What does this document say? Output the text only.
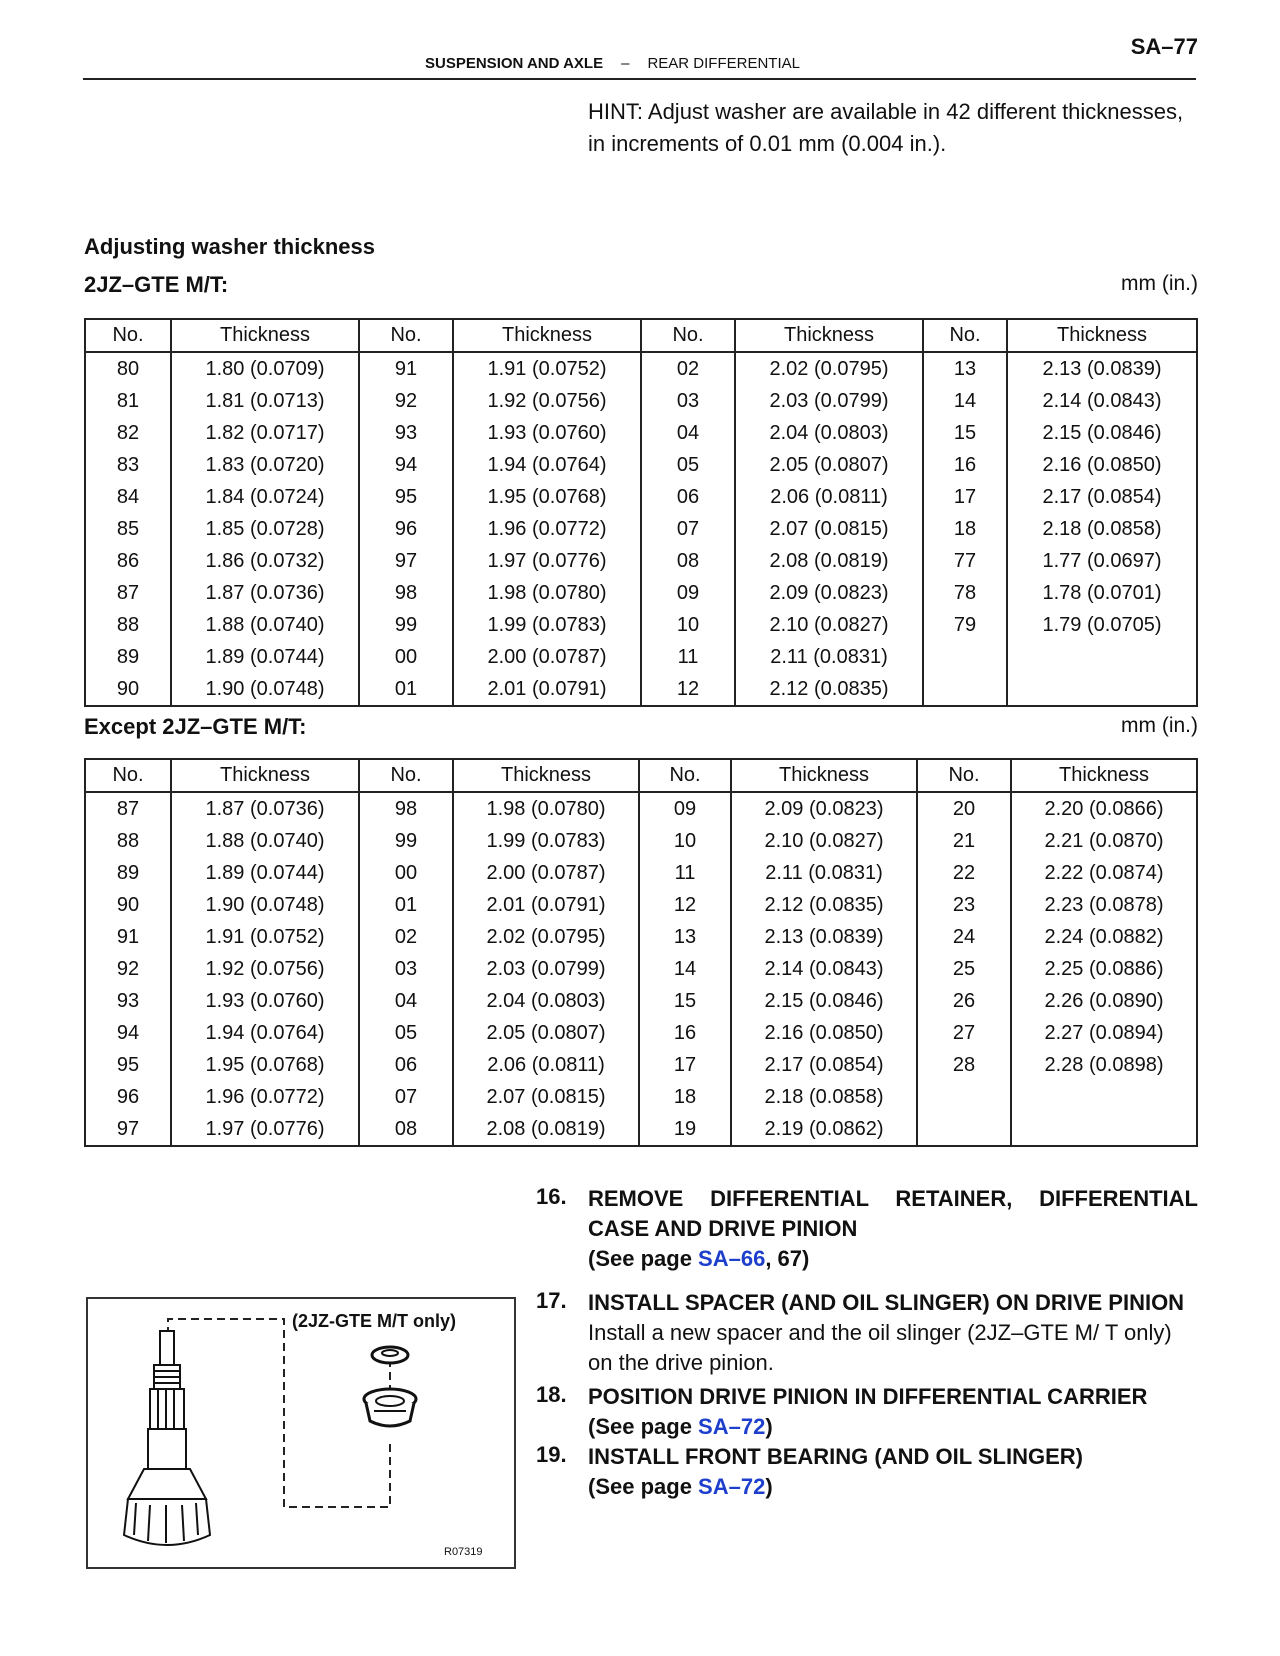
SA–77
SUSPENSION AND AXLE – REAR DIFFERENTIAL
HINT: Adjust washer are available in 42 different thicknesses, in increments of 0.01 mm (0.004 in.).
Adjusting washer thickness
2JZ–GTE M/T:	mm (in.)
No.	Thickness	No.	Thickness	No.	Thickness	No.	Thickness
80	1.80 (0.0709)	91	1.91 (0.0752)	02	2.02 (0.0795)	13	2.13 (0.0839)
81	1.81 (0.0713)	92	1.92 (0.0756)	03	2.03 (0.0799)	14	2.14 (0.0843)
82	1.82 (0.0717)	93	1.93 (0.0760)	04	2.04 (0.0803)	15	2.15 (0.0846)
83	1.83 (0.0720)	94	1.94 (0.0764)	05	2.05 (0.0807)	16	2.16 (0.0850)
84	1.84 (0.0724)	95	1.95 (0.0768)	06	2.06 (0.0811)	17	2.17 (0.0854)
85	1.85 (0.0728)	96	1.96 (0.0772)	07	2.07 (0.0815)	18	2.18 (0.0858)
86	1.86 (0.0732)	97	1.97 (0.0776)	08	2.08 (0.0819)	77	1.77 (0.0697)
87	1.87 (0.0736)	98	1.98 (0.0780)	09	2.09 (0.0823)	78	1.78 (0.0701)
88	1.88 (0.0740)	99	1.99 (0.0783)	10	2.10 (0.0827)	79	1.79 (0.0705)
89	1.89 (0.0744)	00	2.00 (0.0787)	11	2.11 (0.0831)		
90	1.90 (0.0748)	01	2.01 (0.0791)	12	2.12 (0.0835)		
Except 2JZ–GTE M/T:	mm (in.)
No.	Thickness	No.	Thickness	No.	Thickness	No.	Thickness
87	1.87 (0.0736)	98	1.98 (0.0780)	09	2.09 (0.0823)	20	2.20 (0.0866)
88	1.88 (0.0740)	99	1.99 (0.0783)	10	2.10 (0.0827)	21	2.21 (0.0870)
89	1.89 (0.0744)	00	2.00 (0.0787)	11	2.11 (0.0831)	22	2.22 (0.0874)
90	1.90 (0.0748)	01	2.01 (0.0791)	12	2.12 (0.0835)	23	2.23 (0.0878)
91	1.91 (0.0752)	02	2.02 (0.0795)	13	2.13 (0.0839)	24	2.24 (0.0882)
92	1.92 (0.0756)	03	2.03 (0.0799)	14	2.14 (0.0843)	25	2.25 (0.0886)
93	1.93 (0.0760)	04	2.04 (0.0803)	15	2.15 (0.0846)	26	2.26 (0.0890)
94	1.94 (0.0764)	05	2.05 (0.0807)	16	2.16 (0.0850)	27	2.27 (0.0894)
95	1.95 (0.0768)	06	2.06 (0.0811)	17	2.17 (0.0854)	28	2.28 (0.0898)
96	1.96 (0.0772)	07	2.07 (0.0815)	18	2.18 (0.0858)		
97	1.97 (0.0776)	08	2.08 (0.0819)	19	2.19 (0.0862)		
16. REMOVE DIFFERENTIAL RETAINER, DIFFERENTIAL CASE AND DRIVE PINION
(See page SA–66, 67)
17. INSTALL SPACER (AND OIL SLINGER) ON DRIVE PINION
Install a new spacer and the oil slinger (2JZ–GTE M/ T only) on the drive pinion.
18. POSITION DRIVE PINION IN DIFFERENTIAL CARRIER
(See page SA–72)
19. INSTALL FRONT BEARING (AND OIL SLINGER)
(See page SA–72)
(2JZ-GTE M/T only)
R07319
